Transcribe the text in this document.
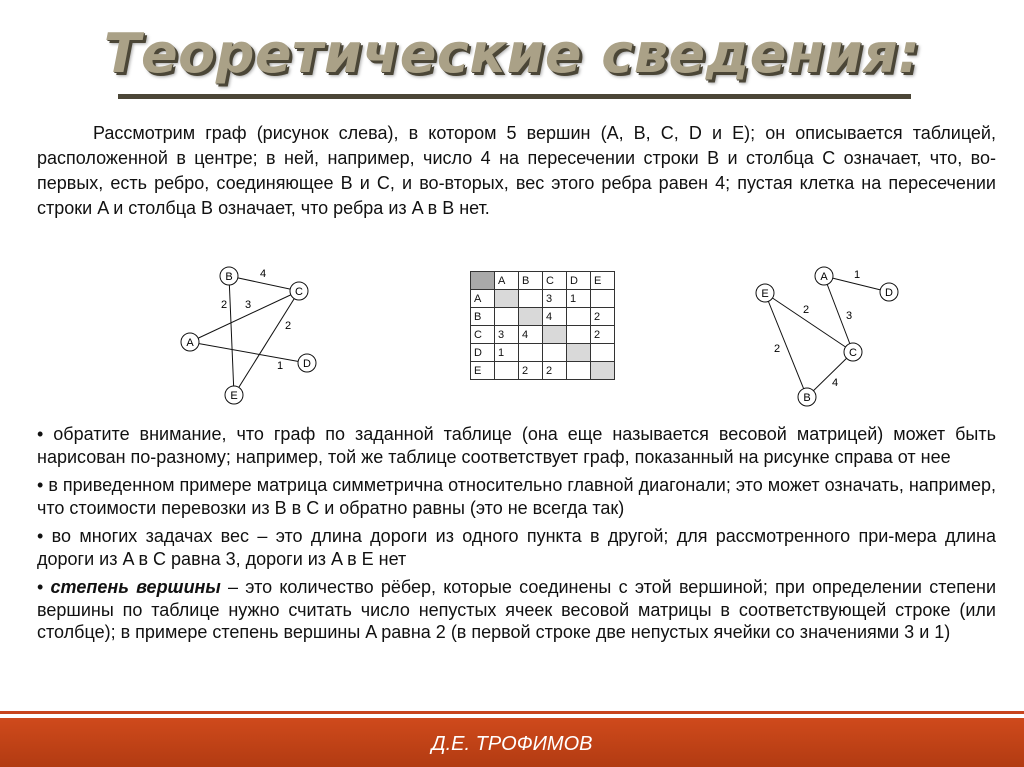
Теоретические сведения:

Рассмотрим граф (рисунок слева), в котором 5 вершин (A, B, C, D и E); он описывается таблицей, расположенной в центре; в ней, например, число 4 на пересечении строки B и столбца C означает, что, во-первых, есть ребро, соединяющее B и C, и во-вторых, вес этого ребра равен 4; пустая клетка на пересечении строки A и столбца B означает, что ребра из A в B нет.

B
C
A
D
E
4
2 3
2
1
	A	B	C	D	E
A			3	1	
B			4		2
C	3	4			2
D	1				
E		2	2		
A
D
E
C
B
1
2	3
2
4
• обратите внимание, что граф по заданной таблице (она еще называется весовой матрицей) может быть нарисован по-разному; например, той же таблице соответствует граф, показанный на рисунке справа от нее
• в приведенном примере матрица симметрична относительно главной диагонали; это может означать, например, что стоимости перевозки из B в C и обратно равны (это не всегда так)
• во многих задачах вес – это длина дороги из одного пункта в другой; для рассмотренного при-мера длина дороги из A в C равна 3, дороги из A в E нет
• степень вершины – это количество рёбер, которые соединены с этой вершиной; при определении степени вершины по таблице нужно считать число непустых ячеек весовой матрицы в соответствующей строке (или столбце); в примере степень вершины A равна 2 (в первой строке две непустых ячейки со значениями 3 и 1)
Д.Е. ТРОФИМОВ
